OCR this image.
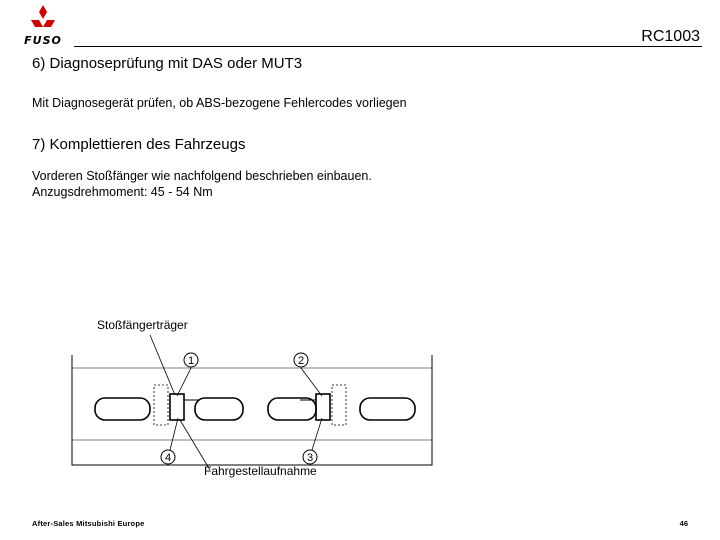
FUSO	RC1003
6) Diagnoseprüfung mit DAS oder MUT3
Mit Diagnosegerät prüfen, ob ABS-bezogene Fehlercodes vorliegen
7) Komplettieren des Fahrzeugs
Vorderen Stoßfänger wie nachfolgend beschrieben einbauen.
Anzugsdrehmoment: 45 - 54 Nm
Stoßfängerträger
Fahrgestellaufnahme
1	2
3
4
After-Sales Mitsubishi Europe	46
